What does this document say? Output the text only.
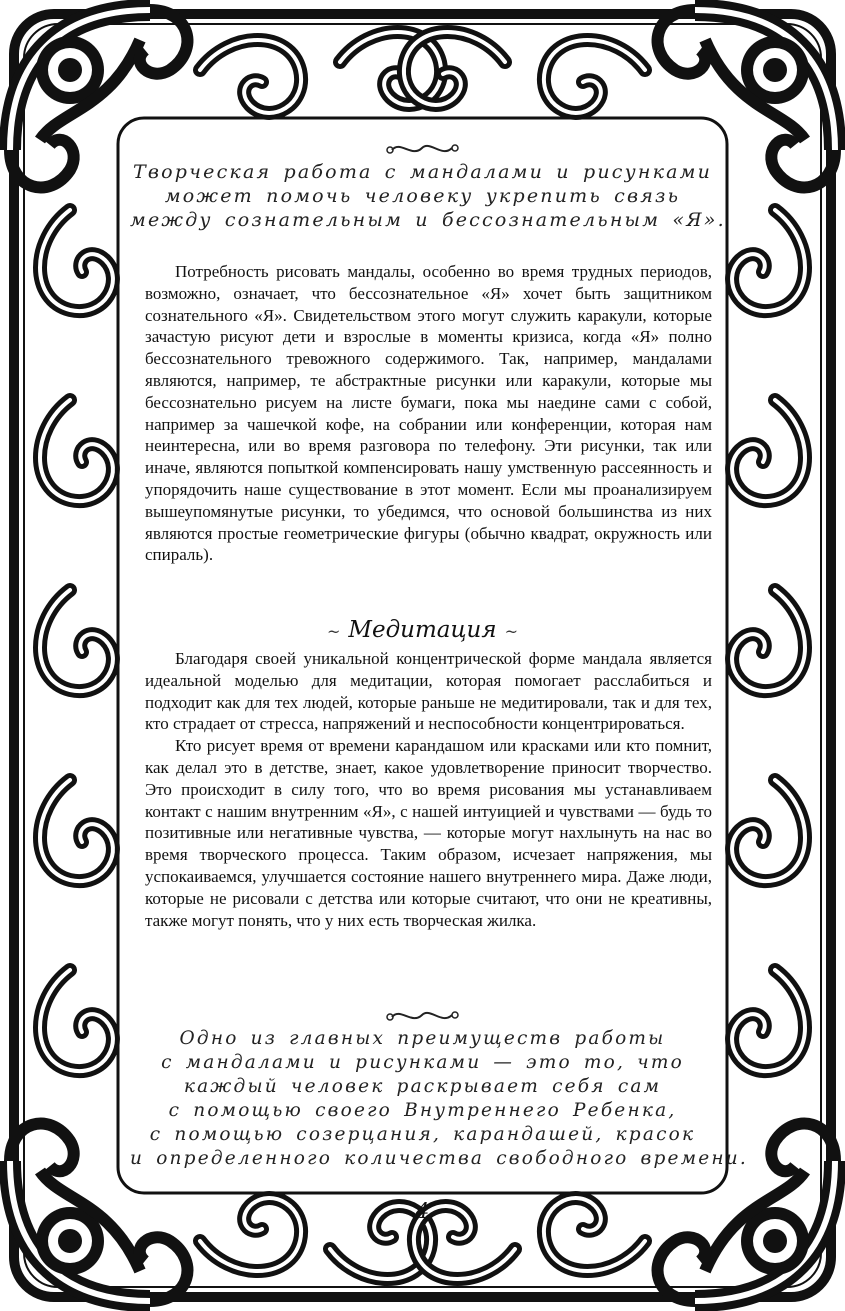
Творческая работа с мандалами и рисунками
может помочь человеку укрепить связь
между сознательным и бессознательным «Я».

Потребность рисовать мандалы, особенно во время трудных периодов, возможно, означает, что бессознательное «Я» хочет быть защитником сознательного «Я». Свидетельством этого могут служить каракули, которые зачастую рисуют дети и взрослые в моменты кризиса, когда «Я» полно бессознательного тревожного содержимого. Так, например, мандалами являются, например, те абстрактные рисунки или каракули, которые мы бессознательно рисуем на листе бумаги, пока мы наедине сами с собой, например за чашечкой кофе, на собрании или конференции, которая нам неинтересна, или во время разговора по телефону. Эти рисунки, так или иначе, являются попыткой компенсировать нашу умственную рассеянность и упорядочить наше существование в этот момент. Если мы проанализируем вышеупомянутые рисунки, то убедимся, что основой большинства из них являются простые геометрические фигуры (обычно квадрат, окружность или спираль).

~ Медитация ~

Благодаря своей уникальной концентрической форме мандала является идеальной моделью для медитации, которая помогает расслабиться и подходит как для тех людей, которые раньше не медитировали, так и для тех, кто страдает от стресса, напряжений и неспособности концентрироваться.

Кто рисует время от времени карандашом или красками или кто помнит, как делал это в детстве, знает, какое удовлетворение приносит творчество. Это происходит в силу того, что во время рисования мы устанавливаем контакт с нашим внутренним «Я», с нашей интуицией и чувствами — будь то позитивные или негативные чувства, — которые могут нахлынуть на нас во время творческого процесса. Таким образом, исчезает напряжения, мы успокаиваемся, улучшается состояние нашего внутреннего мира. Даже люди, которые не рисовали с детства или которые считают, что они не креативны, также могут понять, что у них есть творческая жилка.

Одно из главных преимуществ работы
с мандалами и рисунками — это то, что
каждый человек раскрывает себя сам
с помощью своего Внутреннего Ребенка,
с помощью созерцания, карандашей, красок
и определенного количества свободного времени.
4
